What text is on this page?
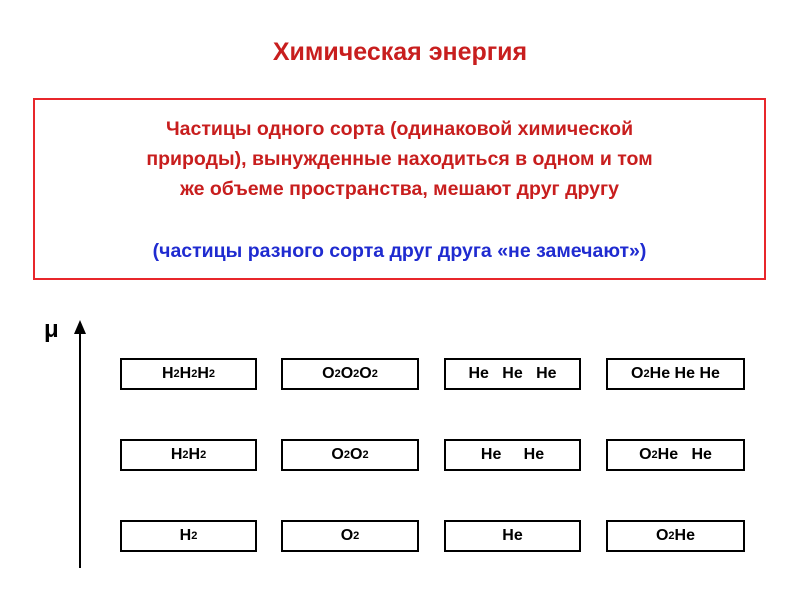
Химическая энергия
Частицы одного сорта (одинаковой химической
природы), вынужденные находиться в одном и том
же объеме пространства, мешают друг другу
(частицы разного сорта друг друга «не замечают»)
μ
H 2 H 2 H 2	O 2 O 2 O 2	He He He	O 2 He He He
H 2 H 2	O 2 O 2	He He	O 2 He He
H 2	O 2	He	O 2 He
